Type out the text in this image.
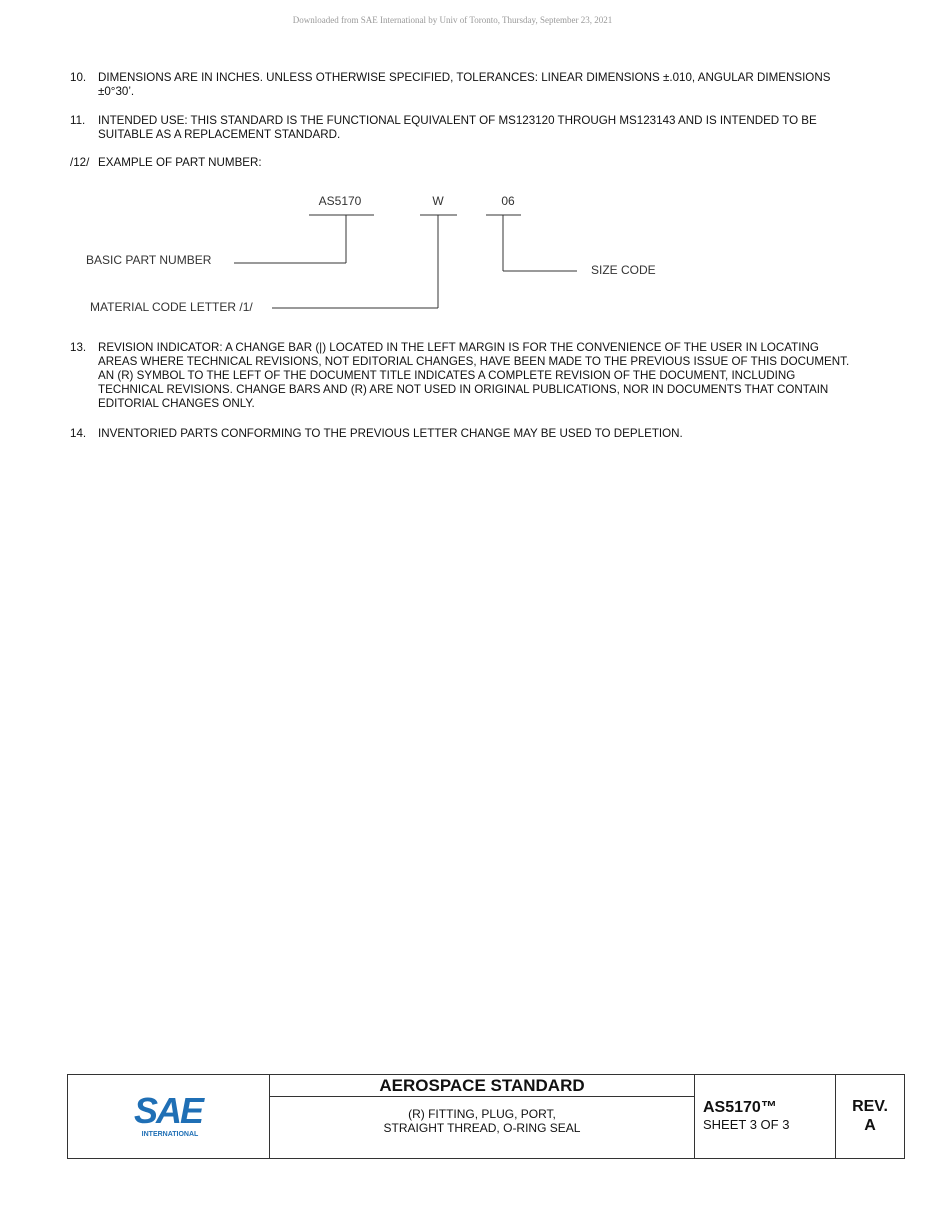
Downloaded from SAE International by Univ of Toronto, Thursday, September 23, 2021
10. DIMENSIONS ARE IN INCHES. UNLESS OTHERWISE SPECIFIED, TOLERANCES: LINEAR DIMENSIONS ±.010, ANGULAR DIMENSIONS ±0°30’.
11. INTENDED USE: THIS STANDARD IS THE FUNCTIONAL EQUIVALENT OF MS123120 THROUGH MS123143 AND IS INTENDED TO BE SUITABLE AS A REPLACEMENT STANDARD.
/12/ EXAMPLE OF PART NUMBER:
AS5170	W	06
BASIC PART NUMBER
MATERIAL CODE LETTER /1/
SIZE CODE
13. REVISION INDICATOR: A CHANGE BAR (|) LOCATED IN THE LEFT MARGIN IS FOR THE CONVENIENCE OF THE USER IN LOCATING AREAS WHERE TECHNICAL REVISIONS, NOT EDITORIAL CHANGES, HAVE BEEN MADE TO THE PREVIOUS ISSUE OF THIS DOCUMENT. AN (R) SYMBOL TO THE LEFT OF THE DOCUMENT TITLE INDICATES A COMPLETE REVISION OF THE DOCUMENT, INCLUDING TECHNICAL REVISIONS. CHANGE BARS AND (R) ARE NOT USED IN ORIGINAL PUBLICATIONS, NOR IN DOCUMENTS THAT CONTAIN EDITORIAL CHANGES ONLY.
14. INVENTORIED PARTS CONFORMING TO THE PREVIOUS LETTER CHANGE MAY BE USED TO DEPLETION.
SAE
INTERNATIONAL
AEROSPACE STANDARD
(R) FITTING, PLUG, PORT,
STRAIGHT THREAD, O-RING SEAL
AS5170™
SHEET 3 OF 3
REV.
A
